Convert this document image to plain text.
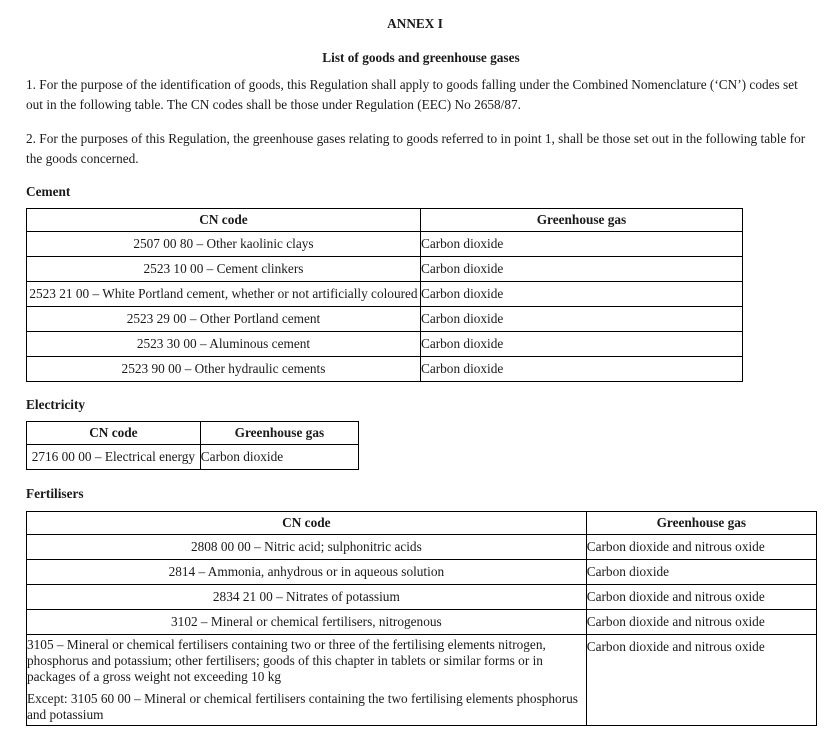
ANNEX I
List of goods and greenhouse gases

1. For the purpose of the identification of goods, this Regulation shall apply to goods falling under the Combined Nomenclature (‘CN’) codes set out in the following table. The CN codes shall be those under Regulation (EEC) No 2658/87.

2. For the purposes of this Regulation, the greenhouse gases relating to goods referred to in point 1, shall be those set out in the following table for the goods concerned.

Cement

CN code	Greenhouse gas
2507 00 80 – Other kaolinic clays	Carbon dioxide
2523 10 00 – Cement clinkers	Carbon dioxide
2523 21 00 – White Portland cement, whether or not artificially coloured	Carbon dioxide
2523 29 00 – Other Portland cement	Carbon dioxide
2523 30 00 – Aluminous cement	Carbon dioxide
2523 90 00 – Other hydraulic cements	Carbon dioxide

Electricity

CN code	Greenhouse gas
2716 00 00 – Electrical energy	Carbon dioxide

Fertilisers

CN code	Greenhouse gas
2808 00 00 – Nitric acid; sulphonitric acids	Carbon dioxide and nitrous oxide
2814 – Ammonia, anhydrous or in aqueous solution	Carbon dioxide
2834 21 00 – Nitrates of potassium	Carbon dioxide and nitrous oxide
3102 – Mineral or chemical fertilisers, nitrogenous	Carbon dioxide and nitrous oxide

3105 – Mineral or chemical fertilisers containing two or three of the fertilising elements nitrogen, phosphorus and potassium; other fertilisers; goods of this chapter in tablets or similar forms or in packages of a gross weight not exceeding 10 kg
Except: 3105 60 00 – Mineral or chemical fertilisers containing the two fertilising elements phosphorus and potassium	Carbon dioxide and nitrous oxide
